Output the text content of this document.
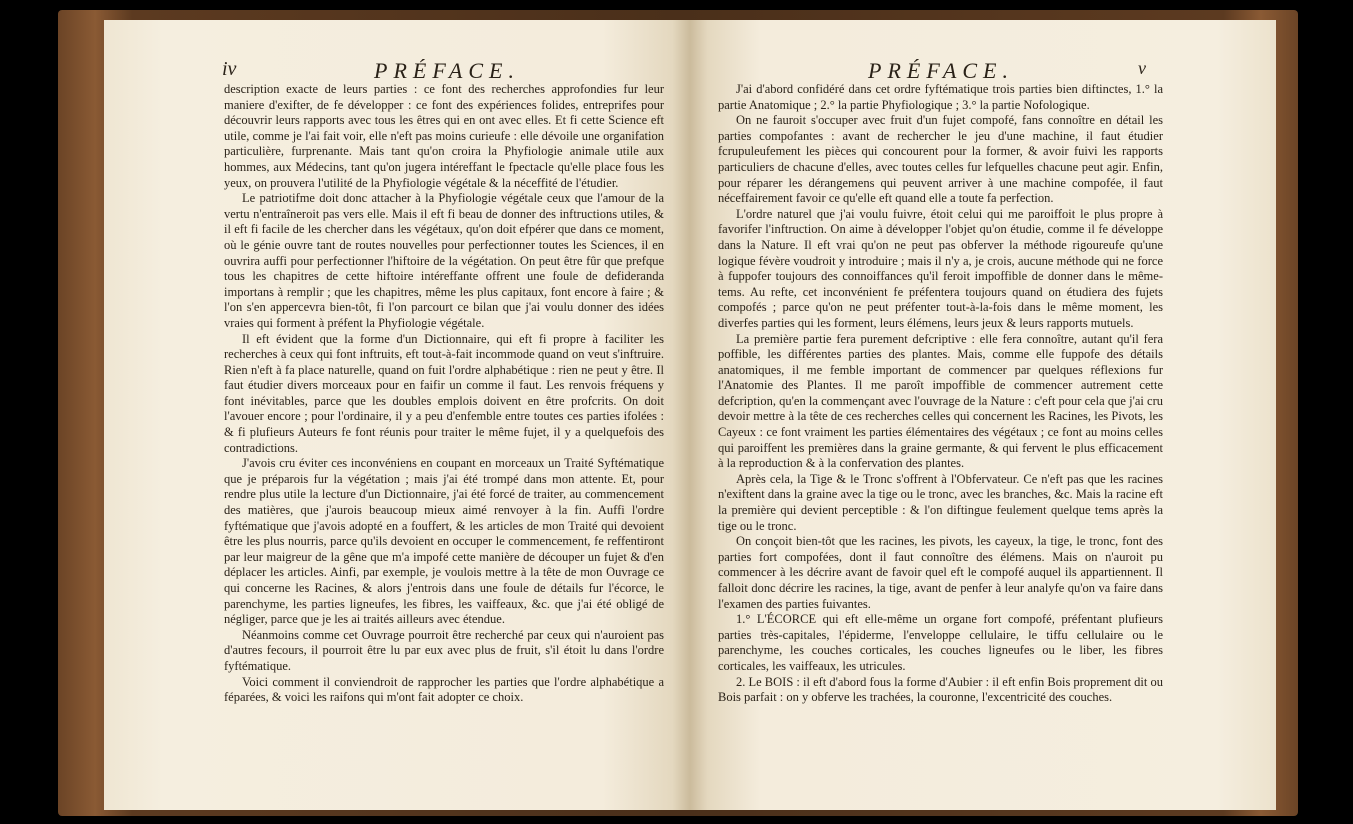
iv	PRÉFACE.

description exacte de leurs parties : ce font des recherches approfondies fur leur maniere d'exifter, de fe développer : ce font des expériences folides, entreprifes pour découvrir leurs rapports avec tous les êtres qui en ont avec elles. Et fi cette Science eft utile, comme je l'ai fait voir, elle n'eft pas moins curieufe : elle dévoile une organifation particulière, furprenante. Mais tant qu'on croira la Phyfiologie animale utile aux hommes, aux Médecins, tant qu'on jugera intéreffant le fpectacle qu'elle place fous les yeux, on prouvera l'utilité de la Phyfiologie végétale & la néceffité de l'étudier.

Le patriotifme doit donc attacher à la Phyfiologie végétale ceux que l'amour de la vertu n'entraîneroit pas vers elle. Mais il eft fi beau de donner des inftructions utiles, & il eft fi facile de les chercher dans les végétaux, qu'on doit efpérer que dans ce moment, où le génie ouvre tant de routes nouvelles pour perfectionner toutes les Sciences, il en ouvrira auffi pour perfectionner l'hiftoire de la végétation. On peut être fûr que prefque tous les chapitres de cette hiftoire intéreffante offrent une foule de defideranda importans à remplir ; que les chapitres, même les plus capitaux, font encore à faire ; & l'on s'en appercevra bien-tôt, fi l'on parcourt ce bilan que j'ai voulu donner des idées vraies qui forment à préfent la Phyfiologie végétale.

Il eft évident que la forme d'un Dictionnaire, qui eft fi propre à faciliter les recherches à ceux qui font inftruits, eft tout-à-fait incommode quand on veut s'inftruire. Rien n'eft à fa place naturelle, quand on fuit l'ordre alphabétique : rien ne peut y être. Il faut étudier divers morceaux pour en faifir un comme il faut. Les renvois fréquens y font inévitables, parce que les doubles emplois doivent en être profcrits. On doit l'avouer encore ; pour l'ordinaire, il y a peu d'enfemble entre toutes ces parties ifolées : & fi plufieurs Auteurs fe font réunis pour traiter le même fujet, il y a quelquefois des contradictions.

J'avois cru éviter ces inconvéniens en coupant en morceaux un Traité Syftématique que je préparois fur la végétation ; mais j'ai été trompé dans mon attente. Et, pour rendre plus utile la lecture d'un Dictionnaire, j'ai été forcé de traiter, au commencement des matières, que j'aurois beaucoup mieux aimé renvoyer à la fin. Auffi l'ordre fyftématique que j'avois adopté en a fouffert, & les articles de mon Traité qui devoient être les plus nourris, parce qu'ils devoient en occuper le commencement, fe reffentiront par leur maigreur de la gêne que m'a impofé cette manière de découper un fujet & d'en déplacer les articles. Ainfi, par exemple, je voulois mettre à la tête de mon Ouvrage ce qui concerne les Racines, & alors j'entrois dans une foule de détails fur l'écorce, le parenchyme, les parties ligneufes, les fibres, les vaiffeaux, &c. que j'ai été obligé de négliger, parce que je les ai traités ailleurs avec étendue.

Néanmoins comme cet Ouvrage pourroit être recherché par ceux qui n'auroient pas d'autres fecours, il pourroit être lu par eux avec plus de fruit, s'il étoit lu dans l'ordre fyftématique.

Voici comment il conviendroit de rapprocher les parties que l'ordre alphabétique a féparées, & voici les raifons qui m'ont fait adopter ce choix.

PRÉFACE.	v

J'ai d'abord confidéré dans cet ordre fyftématique trois parties bien diftinctes, 1.° la partie Anatomique ; 2.° la partie Phyfiologique ; 3.° la partie Nofologique.

On ne fauroit s'occuper avec fruit d'un fujet compofé, fans connoître en détail les parties compofantes : avant de rechercher le jeu d'une machine, il faut étudier fcrupuleufement les pièces qui concourent pour la former, & avoir fuivi les rapports particuliers de chacune d'elles, avec toutes celles fur lefquelles chacune peut agir. Enfin, pour réparer les dérangemens qui peuvent arriver à une machine compofée, il faut néceffairement favoir ce qu'elle eft quand elle a toute fa perfection.

L'ordre naturel que j'ai voulu fuivre, étoit celui qui me paroiffoit le plus propre à favorifer l'inftruction. On aime à développer l'objet qu'on étudie, comme il fe développe dans la Nature. Il eft vrai qu'on ne peut pas obferver la méthode rigoureufe qu'une logique févère voudroit y introduire ; mais il n'y a, je crois, aucune méthode qui ne force à fuppofer toujours des connoiffances qu'il feroit impoffible de donner dans le même-tems. Au refte, cet inconvénient fe préfentera toujours quand on étudiera des fujets compofés ; parce qu'on ne peut préfenter tout-à-la-fois dans le même moment, les diverfes parties qui les forment, leurs élémens, leurs jeux & leurs rapports mutuels.

La première partie fera purement defcriptive : elle fera connoître, autant qu'il fera poffible, les différentes parties des plantes. Mais, comme elle fuppofe des détails anatomiques, il me femble important de commencer par quelques réflexions fur l'Anatomie des Plantes. Il me paroît impoffible de commencer autrement cette defcription, qu'en la commençant avec l'ouvrage de la Nature : c'eft pour cela que j'ai cru devoir mettre à la tête de ces recherches celles qui concernent les Racines, les Pivots, les Cayeux : ce font vraiment les parties élémentaires des végétaux ; ce font au moins celles qui paroiffent les premières dans la graine germante, & qui fervent le plus efficacement à la reproduction & à la confervation des plantes.

Après cela, la Tige & le Tronc s'offrent à l'Obfervateur. Ce n'eft pas que les racines n'exiftent dans la graine avec la tige ou le tronc, avec les branches, &c. Mais la racine eft la première qui devient perceptible : & l'on diftingue feulement quelque tems après la tige ou le tronc.

On conçoit bien-tôt que les racines, les pivots, les cayeux, la tige, le tronc, font des parties fort compofées, dont il faut connoître des élémens. Mais on n'auroit pu commencer à les décrire avant de favoir quel eft le compofé auquel ils appartiennent. Il falloit donc décrire les racines, la tige, avant de penfer à leur analyfe qu'on va faire dans l'examen des parties fuivantes.

1.° L'ÉCORCE qui eft elle-même un organe fort compofé, préfentant plufieurs parties très-capitales, l'épiderme, l'enveloppe cellulaire, le tiffu cellulaire ou le parenchyme, les couches corticales, les couches ligneufes ou le liber, les fibres corticales, les vaiffeaux, les utricules.

2. Le BOIS : il eft d'abord fous la forme d'Aubier : il eft enfin Bois proprement dit ou Bois parfait : on y obferve les trachées, la couronne, l'excentricité des couches.
